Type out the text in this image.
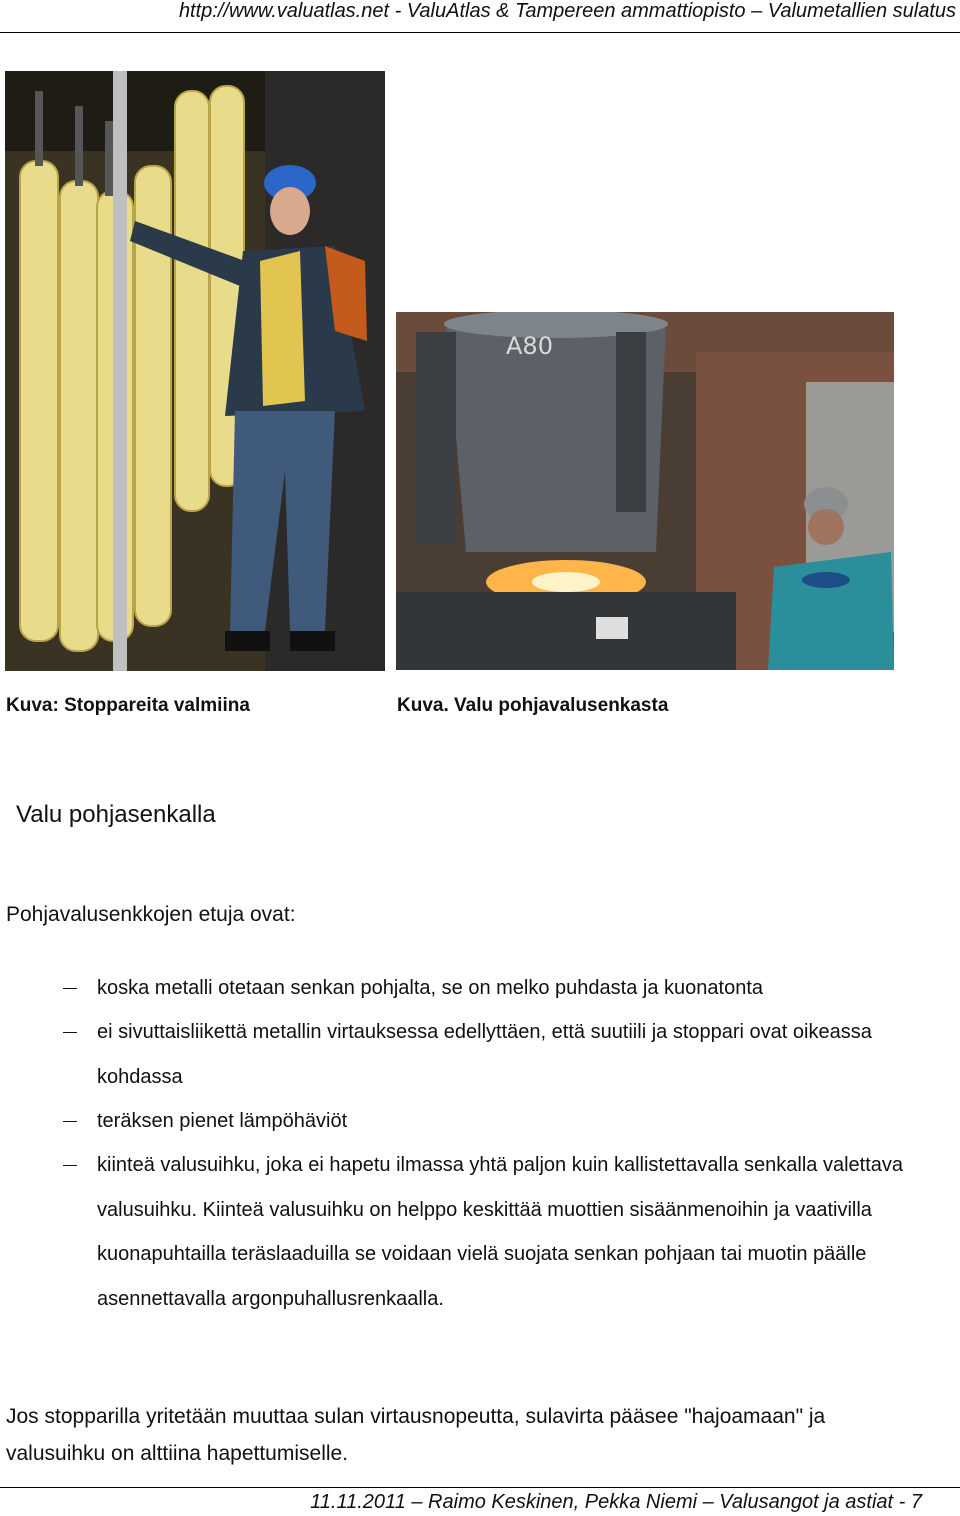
http://www.valuatlas.net - ValuAtlas & Tampereen ammattiopisto – Valumetallien sulatus
A80
Kuva: Stoppareita valmiina	Kuva. Valu pohjavalusenkasta
Valu pohjasenkalla
Pohjavalusenkkojen etuja ovat:
koska metalli otetaan senkan pohjalta, se on melko puhdasta ja kuonatonta
ei sivuttaisliikettä metallin virtauksessa edellyttäen, että suutiili ja stoppari ovat oikeassa kohdassa
teräksen pienet lämpöhäviöt
kiinteä valusuihku, joka ei hapetu ilmassa yhtä paljon kuin kallistettavalla senkalla valettava valusuihku. Kiinteä valusuihku on helppo keskittää muottien sisäänmenoihin ja vaativilla kuonapuhtailla teräslaaduilla se voidaan vielä suojata senkan pohjaan tai muotin päälle asennettavalla argonpuhallusrenkaalla.
Jos stopparilla yritetään muuttaa sulan virtausnopeutta, sulavirta pääsee "hajoamaan" ja valusuihku on alttiina hapettumiselle.
11.11.2011 – Raimo Keskinen, Pekka Niemi – Valusangot ja astiat - 7
